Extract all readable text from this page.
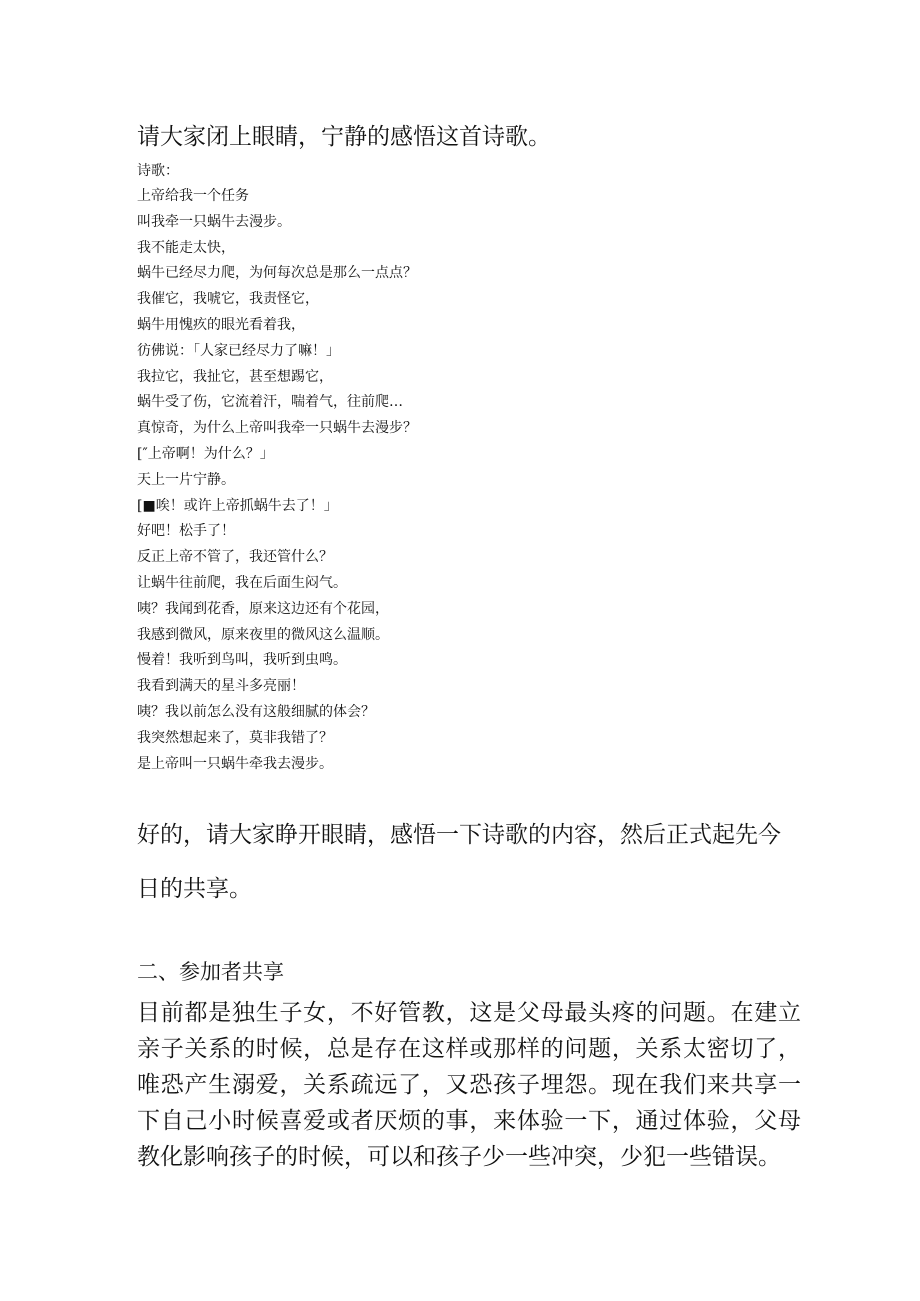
请大家闭上眼睛，宁静的感悟这首诗歌。
诗歌：
上帝给我一个任务
叫我牵一只蜗牛去漫步。
我不能走太快，
蜗牛已经尽力爬，为何每次总是那么一点点？
我催它，我唬它，我责怪它，
蜗牛用愧疚的眼光看着我，
彷佛说：「人家已经尽力了嘛！」
我拉它，我扯它，甚至想踢它，
蜗牛受了伤，它流着汗，喘着气，往前爬…
真惊奇，为什么上帝叫我牵一只蜗牛去漫步？
[″上帝啊！为什么？」
天上一片宁静。
[■唉！或许上帝抓蜗牛去了！」
好吧！松手了！
反正上帝不管了，我还管什么？
让蜗牛往前爬，我在后面生闷气。
咦？我闻到花香，原来这边还有个花园，
我感到微风，原来夜里的微风这么温顺。
慢着！我听到鸟叫，我听到虫鸣。
我看到满天的星斗多亮丽！
咦？我以前怎么没有这般细腻的体会？
我突然想起来了，莫非我错了？
是上帝叫一只蜗牛牵我去漫步。
好的，请大家睁开眼睛，感悟一下诗歌的内容，然后正式起先今日的共享。
二、参加者共享
目前都是独生子女，不好管教，这是父母最头疼的问题。在建立亲子关系的时候，总是存在这样或那样的问题，关系太密切了，唯恐产生溺爱，关系疏远了，又恐孩子埋怨。现在我们来共享一下自己小时候喜爱或者厌烦的事，来体验一下，通过体验，父母教化影响孩子的时候，可以和孩子少一些冲突，少犯一些错误。
